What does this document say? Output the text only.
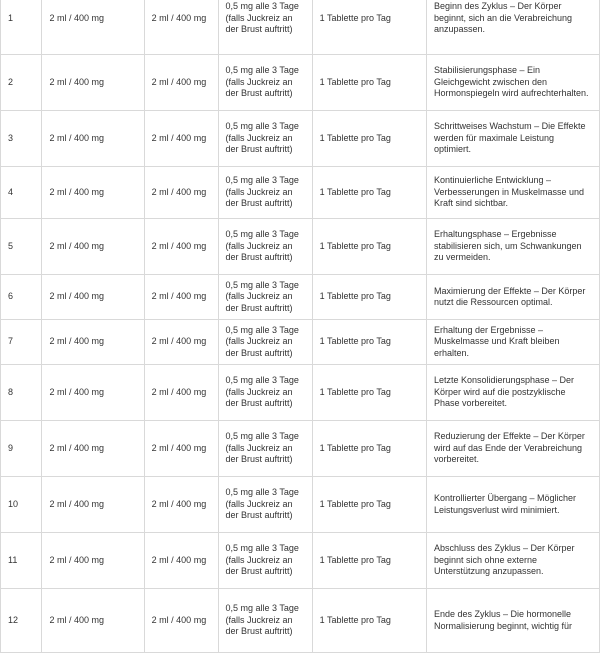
1	2 ml / 400 mg	2 ml / 400 mg	0,5 mg alle 3 Tage (falls Juckreiz an der Brust auftritt)	1 Tablette pro Tag	Beginn des Zyklus – Der Körper beginnt, sich an die Verabreichung anzupassen.
2	2 ml / 400 mg	2 ml / 400 mg	0,5 mg alle 3 Tage (falls Juckreiz an der Brust auftritt)	1 Tablette pro Tag	Stabilisierungsphase – Ein Gleichgewicht zwischen den Hormonspiegeln wird aufrechterhalten.
3	2 ml / 400 mg	2 ml / 400 mg	0,5 mg alle 3 Tage (falls Juckreiz an der Brust auftritt)	1 Tablette pro Tag	Schrittweises Wachstum – Die Effekte werden für maximale Leistung optimiert.
4	2 ml / 400 mg	2 ml / 400 mg	0,5 mg alle 3 Tage (falls Juckreiz an der Brust auftritt)	1 Tablette pro Tag	Kontinuierliche Entwicklung – Verbesserungen in Muskelmasse und Kraft sind sichtbar.
5	2 ml / 400 mg	2 ml / 400 mg	0,5 mg alle 3 Tage (falls Juckreiz an der Brust auftritt)	1 Tablette pro Tag	Erhaltungsphase – Ergebnisse stabilisieren sich, um Schwankungen zu vermeiden.
6	2 ml / 400 mg	2 ml / 400 mg	0,5 mg alle 3 Tage (falls Juckreiz an der Brust auftritt)	1 Tablette pro Tag	Maximierung der Effekte – Der Körper nutzt die Ressourcen optimal.
7	2 ml / 400 mg	2 ml / 400 mg	0,5 mg alle 3 Tage (falls Juckreiz an der Brust auftritt)	1 Tablette pro Tag	Erhaltung der Ergebnisse – Muskelmasse und Kraft bleiben erhalten.
8	2 ml / 400 mg	2 ml / 400 mg	0,5 mg alle 3 Tage (falls Juckreiz an der Brust auftritt)	1 Tablette pro Tag	Letzte Konsolidierungsphase – Der Körper wird auf die postzyklische Phase vorbereitet.
9	2 ml / 400 mg	2 ml / 400 mg	0,5 mg alle 3 Tage (falls Juckreiz an der Brust auftritt)	1 Tablette pro Tag	Reduzierung der Effekte – Der Körper wird auf das Ende der Verabreichung vorbereitet.
10	2 ml / 400 mg	2 ml / 400 mg	0,5 mg alle 3 Tage (falls Juckreiz an der Brust auftritt)	1 Tablette pro Tag	Kontrollierter Übergang – Möglicher Leistungsverlust wird minimiert.
11	2 ml / 400 mg	2 ml / 400 mg	0,5 mg alle 3 Tage (falls Juckreiz an der Brust auftritt)	1 Tablette pro Tag	Abschluss des Zyklus – Der Körper beginnt sich ohne externe Unterstützung anzupassen.
12	2 ml / 400 mg	2 ml / 400 mg	0,5 mg alle 3 Tage (falls Juckreiz an der Brust auftritt)	1 Tablette pro Tag	Ende des Zyklus – Die hormonelle Normalisierung beginnt, wichtig für
